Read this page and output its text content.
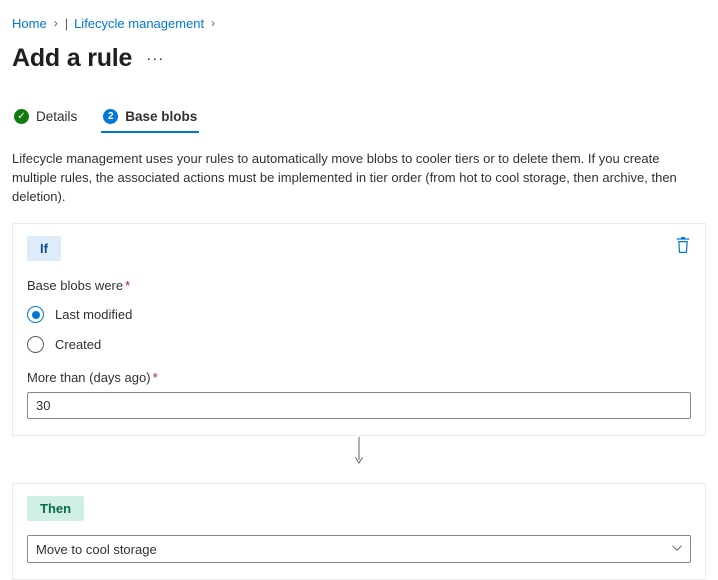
Home › | Lifecycle management ›
Add a rule ···
✓ Details	2 Base blobs
Lifecycle management uses your rules to automatically move blobs to cooler tiers or to delete them. If you create multiple rules, the associated actions must be implemented in tier order (from hot to cool storage, then archive, then deletion).
If
Base blobs were *
Last modified
Created
More than (days ago) *
30
Then
Move to cool storage
